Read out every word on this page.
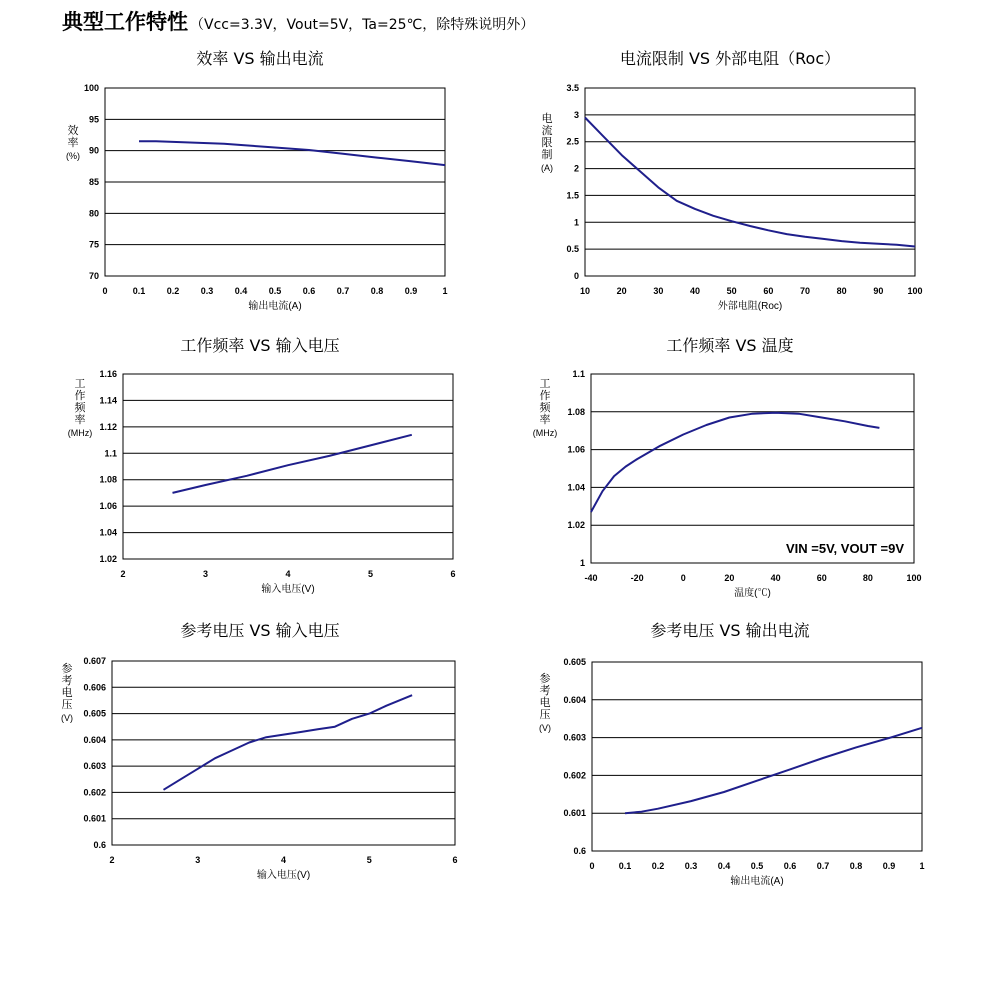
典型工作特性 （Vcc=3.3V，Vout=5V，Ta=25℃，除特殊说明外）
效率 VS 输出电流
70
75
80
85
90
95
100
0	0.1 0.2 0.3 0.4 0.5 0.6 0.7 0.8 0.9	1
输出电流(A)
效
率
(%)
电流限制 VS 外部电阻（Roc）
0
0.5
1
1.5
2
2.5
3
3.5
10	20	30	40	50	60	70	80	90	100
外部电阻(Roc)
电
流
限
制
(A)
工作频率 VS 输入电压
1.02
1.04
1.06
1.08
1.1
1.12
1.14
1.16
2	3	4	5	6
输入电压(V)
工
作
频
率
(MHz)
工作频率 VS 温度
1
1.02
1.04
1.06
1.08
1.1
-40	-20	0	20	40	60	80	100
温度(℃)
工
作
频
率
(MHz)
VIN =5V, VOUT =9V
参考电压 VS 输入电压
0.6
0.601
0.602
0.603
0.604
0.605
0.606
0.607
2	3	4	5	6
输入电压(V)
参
考
电
压
(V)
参考电压 VS 输出电流
0.6
0.601
0.602
0.603
0.604
0.605
0	0.1 0.2 0.3 0.4 0.5 0.6 0.7 0.8 0.9	1
输出电流(A)
参
考
电
压
(V)
